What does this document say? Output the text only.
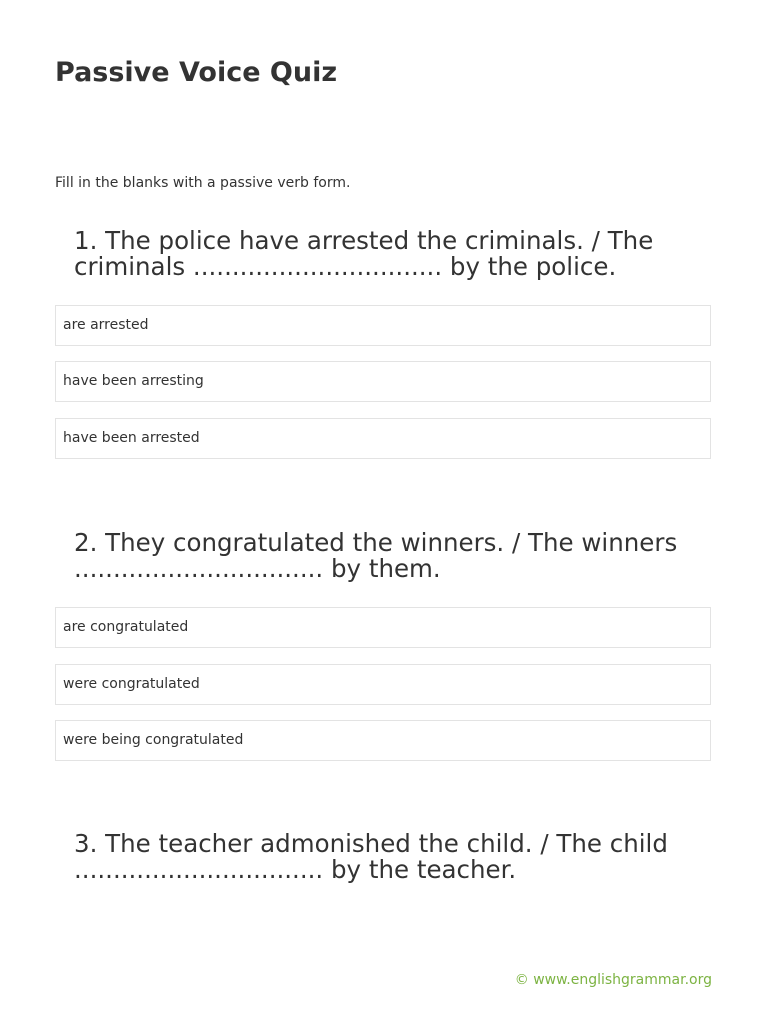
Passive Voice Quiz

Fill in the blanks with a passive verb form.

1. The police have arrested the criminals. / The
criminals ................................ by the police.
are arrested
have been arresting
have been arrested
2. They congratulated the winners. / The winners
................................ by them.
are congratulated
were congratulated
were being congratulated
3. The teacher admonished the child. / The child
................................ by the teacher.
© www.englishgrammar.org
